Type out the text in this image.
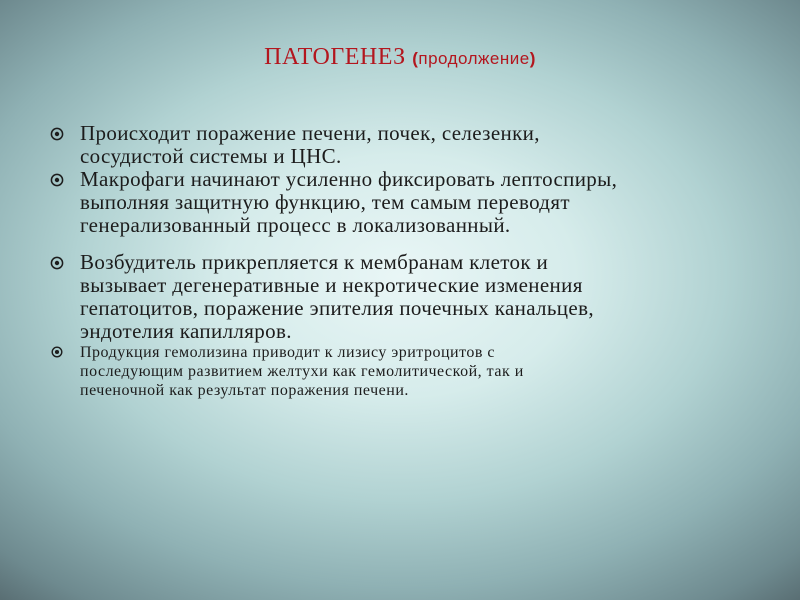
ПАТОГЕНЕЗ (продолжение)
Происходит поражение печени, почек, селезенки,
сосудистой системы и ЦНС.
Макрофаги начинают усиленно фиксировать лептоспиры,
выполняя защитную функцию, тем самым переводят
генерализованный процесс в локализованный.
Возбудитель прикрепляется к мембранам клеток и
вызывает дегенеративные и некротические изменения
гепатоцитов, поражение эпителия почечных канальцев,
эндотелия капилляров.
Продукция гемолизина приводит к лизису эритроцитов с
последующим развитием желтухи как гемолитической, так и
печеночной как результат поражения печени.
